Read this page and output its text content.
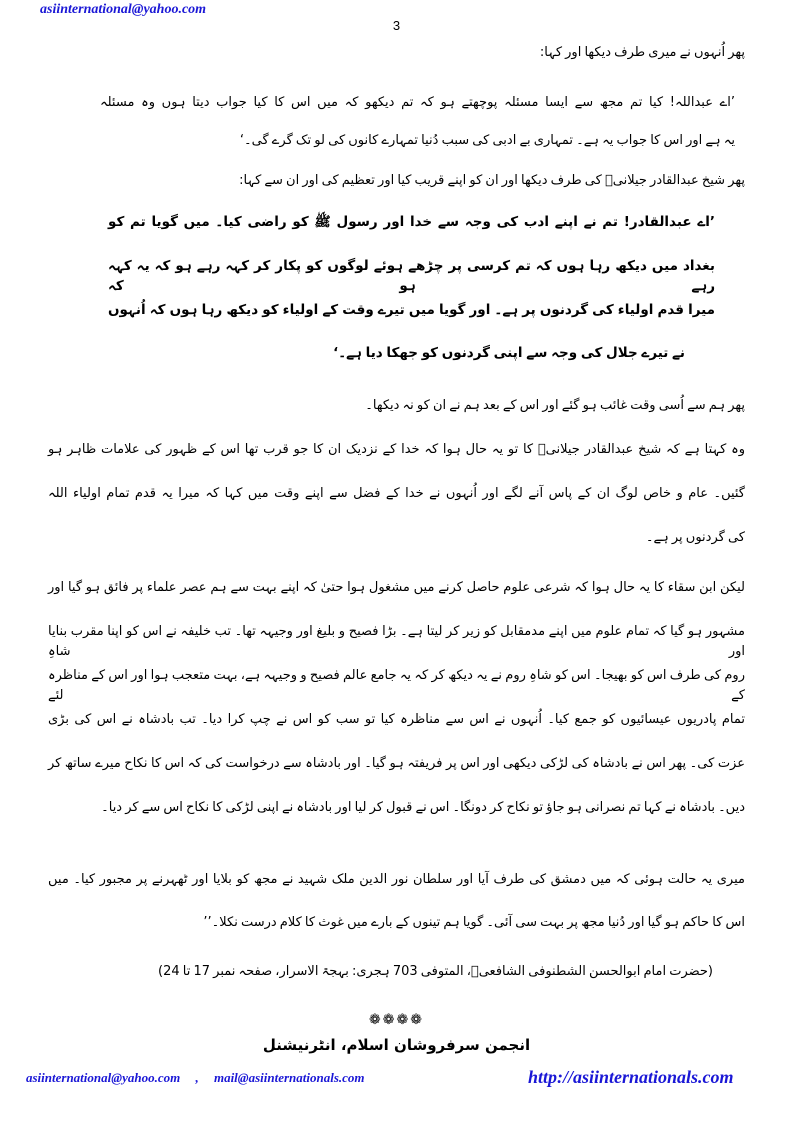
asiinternational@yahoo.com
3
پھر اُنہوں نے میری طرف دیکھا اور کہا:
’اے عبداللہ! کیا تم مجھ سے ایسا مسئلہ پوچھتے ہو کہ تم دیکھو کہ میں اس کا کیا جواب دیتا ہوں وہ مسئلہ
یہ ہے اور اس کا جواب یہ ہے۔ تمہاری بے ادبی کی سبب دُنیا تمہارے کانوں کی لو تک گرے گی۔‘
پھر شیخ عبدالقادر جیلانیؒ کی طرف دیکھا اور ان کو اپنے قریب کیا اور تعظیم کی اور ان سے کہا:
’اے عبدالقادر! تم نے اپنے ادب کی وجہ سے خدا اور رسول ﷺ کو راضی کیا۔ میں گویا تم کو
بغداد میں دیکھ رہا ہوں کہ تم کرسی پر چڑھے ہوئے لوگوں کو پکار کر کہہ رہے ہو کہ یہ کہہ رہے ہو کہ
میرا قدم اولیاء کی گردنوں پر ہے۔ اور گویا میں تیرے وقت کے اولیاء کو دیکھ رہا ہوں کہ اُنہوں
نے تیرے جلال کی وجہ سے اپنی گردنوں کو جھکا دیا ہے۔‘
پھر ہم سے اُسی وقت غائب ہو گئے اور اس کے بعد ہم نے ان کو نہ دیکھا۔
وہ کہتا ہے کہ شیخ عبدالقادر جیلانیؒ کا تو یہ حال ہوا کہ خدا کے نزدیک ان کا جو قرب تھا اس کے ظہور کی علامات ظاہر ہو
گئیں۔ عام و خاص لوگ ان کے پاس آنے لگے اور اُنہوں نے خدا کے فضل سے اپنے وقت میں کہا کہ میرا یہ قدم تمام اولیاء اللہ
کی گردنوں پر ہے۔
لیکن ابن سقاء کا یہ حال ہوا کہ شرعی علوم حاصل کرنے میں مشغول ہوا حتیٰ کہ اپنے بہت سے ہم عصر علماء پر فائق ہو گیا اور
مشہور ہو گیا کہ تمام علوم میں اپنے مدمقابل کو زیر کر لیتا ہے۔ بڑا فصیح و بلیغ اور وجیہہ تھا۔ تب خلیفہ نے اس کو اپنا مقرب بنایا اور شاہِ
روم کی طرف اس کو بھیجا۔ اس کو شاہِ روم نے یہ دیکھ کر کہ یہ جامع عالم فصیح و وجیہہ ہے، بہت متعجب ہوا اور اس کے مناظرہ کے لئے
تمام پادریوں عیسائیوں کو جمع کیا۔ اُنہوں نے اس سے مناظرہ کیا تو سب کو اس نے چپ کرا دیا۔ تب بادشاہ نے اس کی بڑی
عزت کی۔ پھر اس نے بادشاہ کی لڑکی دیکھی اور اس پر فریفتہ ہو گیا۔ اور بادشاہ سے درخواست کی کہ اس کا نکاح میرے ساتھ کر
دیں۔ بادشاہ نے کہا تم نصرانی ہو جاؤ تو نکاح کر دونگا۔ اس نے قبول کر لیا اور بادشاہ نے اپنی لڑکی کا نکاح اس سے کر دیا۔
میری یہ حالت ہوئی کہ میں دمشق کی طرف آیا اور سلطان نور الدین ملک شہید نے مجھ کو بلایا اور ٹھہرنے پر مجبور کیا۔ میں
اس کا حاکم ہو گیا اور دُنیا مجھ پر بہت سی آئی۔ گویا ہم تینوں کے بارے میں غوث کا کلام درست نکلا۔’’
(حضرت امام ابوالحسن الشطنوفی الشافعیؒ، المتوفی 703 ہجری: بہجۃ الاسرار، صفحہ نمبر 17 تا 24)
❁❁❁❁
انجمن سرفروشان اسلام، انٹرنیشنل
asiinternational@yahoo.com , mail@asiinternationals.com	http://asiinternationals.com
